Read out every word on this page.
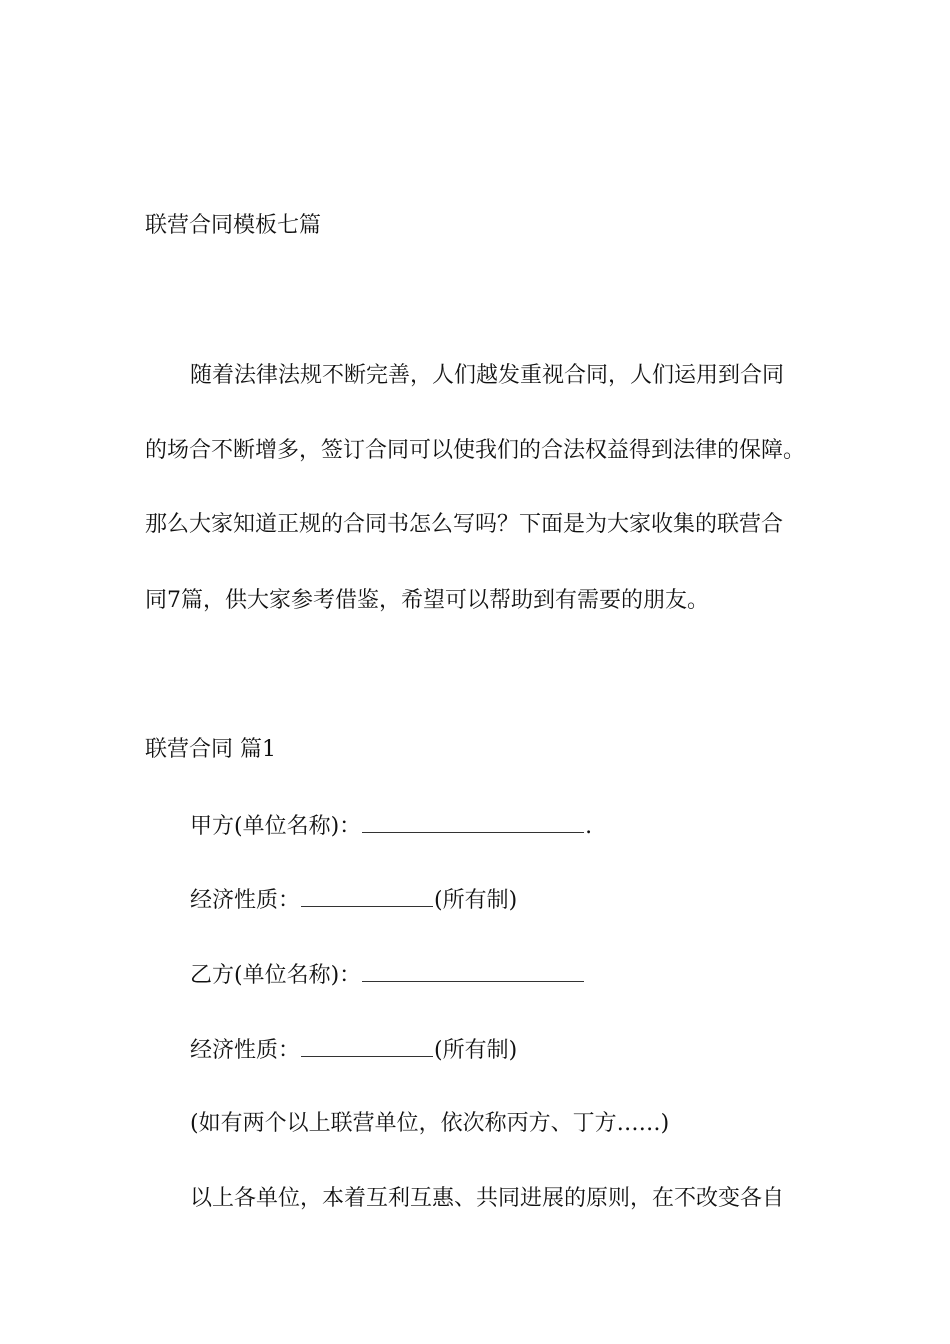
联营合同模板七篇
随着法律法规不断完善，人们越发重视合同，人们运用到合同
的场合不断增多，签订合同可以使我们的合法权益得到法律的保障。
那么大家知道正规的合同书怎么写吗？下面是为大家收集的联营合
同7篇，供大家参考借鉴，希望可以帮助到有需要的朋友。
联营合同 篇1
甲方(单位名称)：	.
经济性质：	(所有制)
乙方(单位名称)：
经济性质：	(所有制)
(如有两个以上联营单位，依次称丙方、丁方……)
以上各单位，本着互利互惠、共同进展的原则，在不改变各自
